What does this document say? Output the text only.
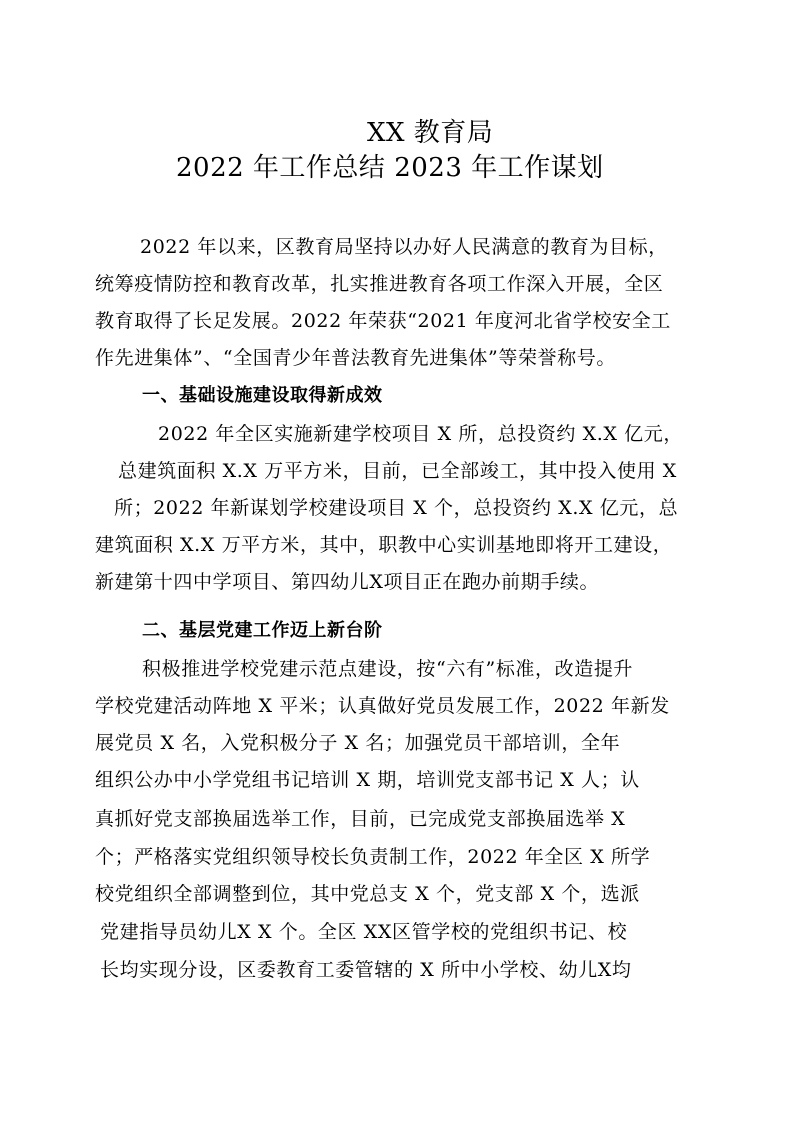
XX 教育局
2022 年工作总结 2023 年工作谋划
2022 年以来，区教育局坚持以办好人民满意的教育为目标，
统筹疫情防控和教育改革，扎实推进教育各项工作深入开展，全区
教育取得了长足发展。2022 年荣获“2021 年度河北省学校安全工
作先进集体”、“全国青少年普法教育先进集体”等荣誉称号。
一、基础设施建设取得新成效
2022 年全区实施新建学校项目 X 所，总投资约 X.X 亿元，
总建筑面积 X.X 万平方米，目前，已全部竣工，其中投入使用 X
所；2022 年新谋划学校建设项目 X 个，总投资约 X.X 亿元，总
建筑面积 X.X 万平方米，其中，职教中心实训基地即将开工建设，
新建第十四中学项目、第四幼儿X项目正在跑办前期手续。
二、基层党建工作迈上新台阶
积极推进学校党建示范点建设，按“六有”标准，改造提升
学校党建活动阵地 X 平米；认真做好党员发展工作，2022 年新发
展党员 X 名，入党积极分子 X 名；加强党员干部培训，全年
组织公办中小学党组书记培训 X 期，培训党支部书记 X 人；认
真抓好党支部换届选举工作，目前，已完成党支部换届选举 X
个；严格落实党组织领导校长负责制工作，2022 年全区 X 所学
校党组织全部调整到位，其中党总支 X 个，党支部 X 个，选派
党建指导员幼儿X X 个。全区 XX区管学校的党组织书记、校
长均实现分设，区委教育工委管辖的 X 所中小学校、幼儿X均
